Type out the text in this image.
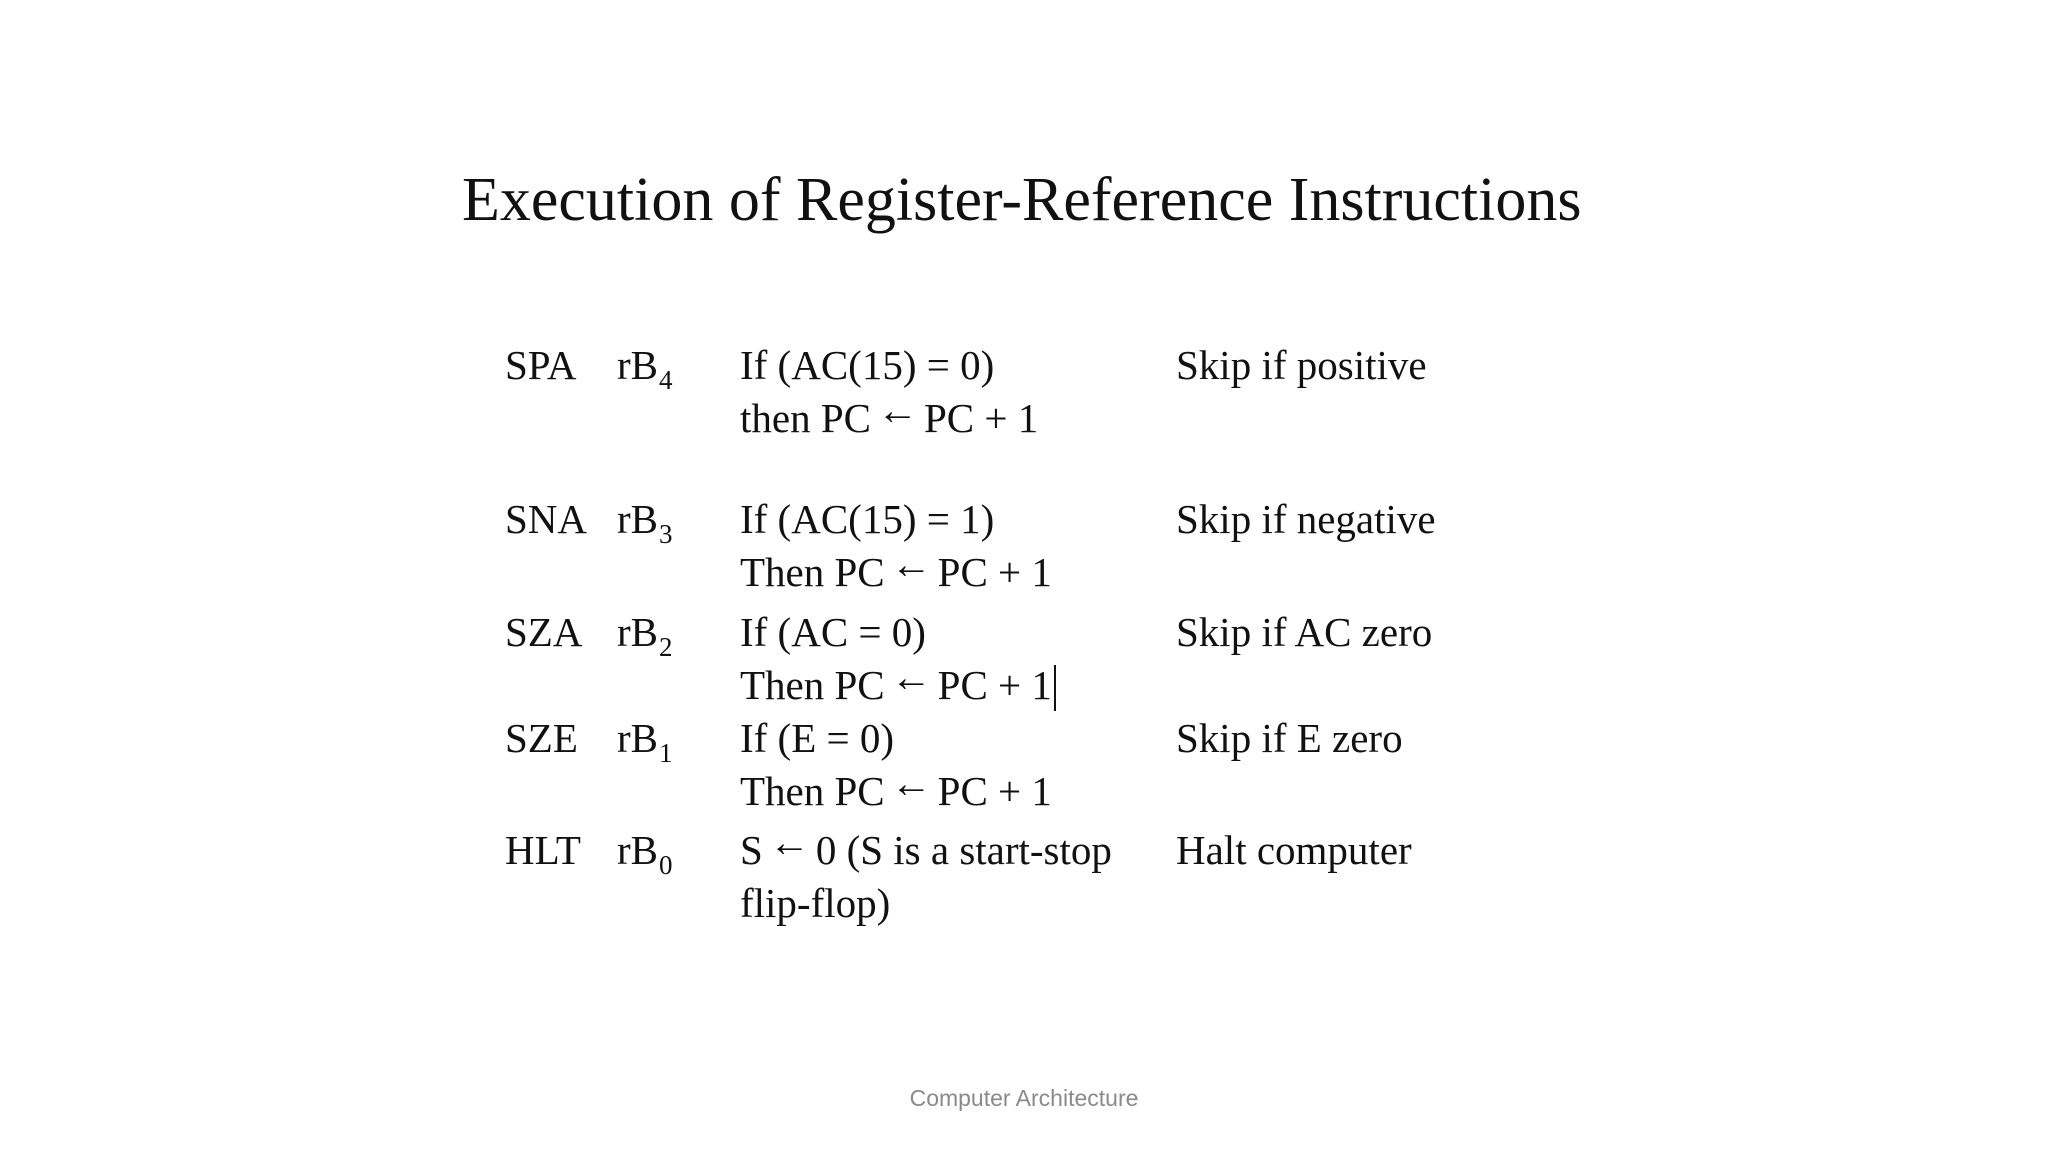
Execution of Register-Reference Instructions
SPA $rB_4$ If (AC(15) = 0)
then PC ← PC + 1
Skip if positive
SNA $rB_3$ If (AC(15) = 1)
Then PC ← PC + 1
Skip if negative
SZA $rB_2$ If (AC = 0)
Then PC ← PC + 1
Skip if AC zero
SZE $rB_1$ If (E = 0)
Then PC ← PC + 1
Skip if E zero
HLT $rB_0$ S ← 0 (S is a start-stop
flip-flop)
Halt computer
Computer Architecture
